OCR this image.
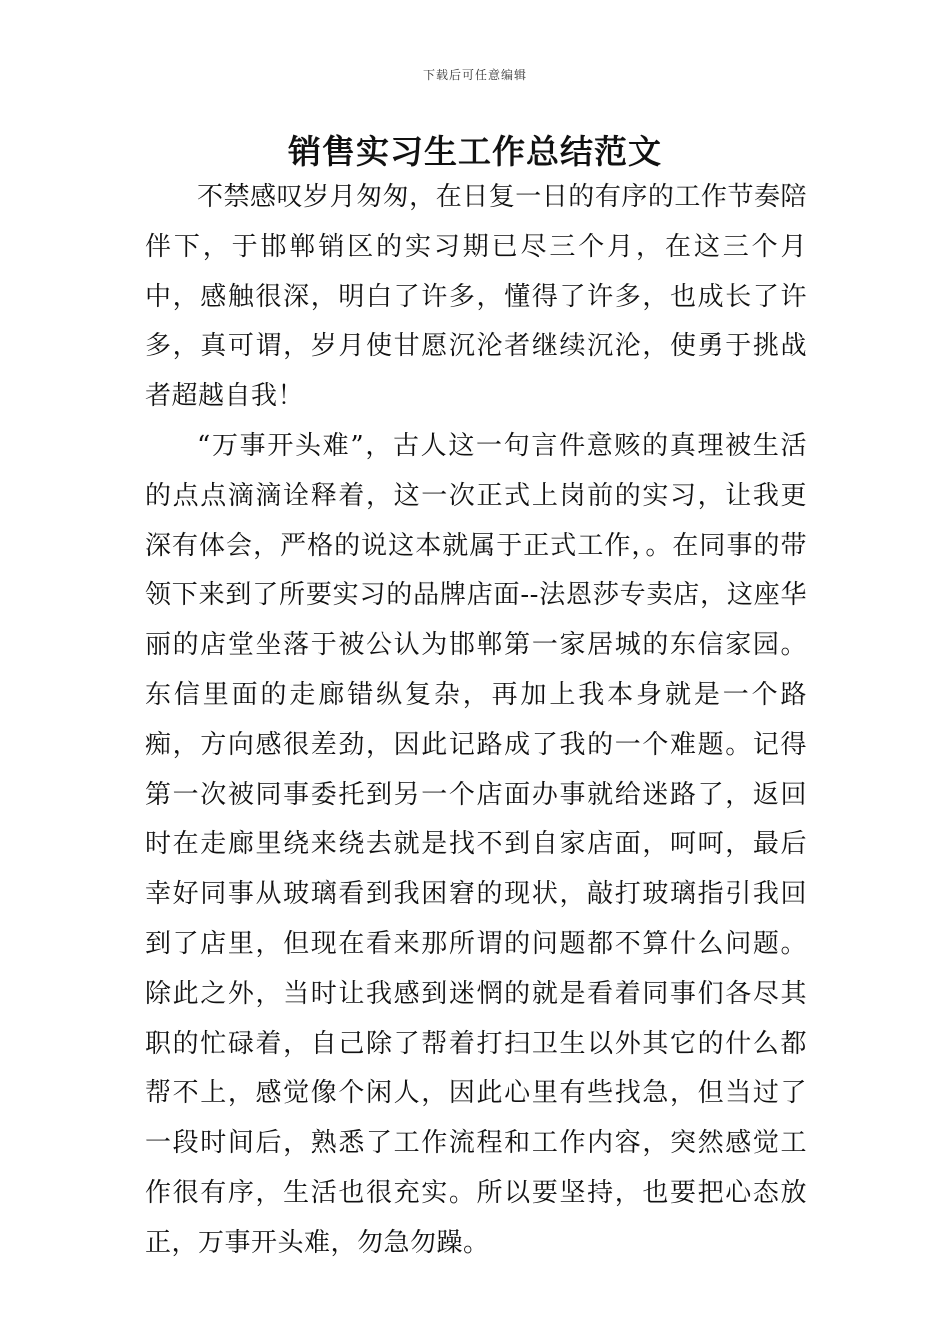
下载后可任意编辑
销售实习生工作总结范文

不禁感叹岁月匆匆，在日复一日的有序的工作节奏陪伴下，于邯郸销区的实习期已尽三个月，在这三个月中，感触很深，明白了许多，懂得了许多，也成长了许多，真可谓，岁月使甘愿沉沦者继续沉沦，使勇于挑战者超越自我！

“万事开头难”，古人这一句言件意赅的真理被生活的点点滴滴诠释着，这一次正式上岗前的实习，让我更深有体会，严格的说这本就属于正式工作，。在同事的带领下来到了所要实习的品牌店面--法恩莎专卖店，这座华丽的店堂坐落于被公认为邯郸第一家居城的东信家园。东信里面的走廊错纵复杂，再加上我本身就是一个路痴，方向感很差劲，因此记路成了我的一个难题。记得第一次被同事委托到另一个店面办事就给迷路了，返回时在走廊里绕来绕去就是找不到自家店面，呵呵，最后幸好同事从玻璃看到我困窘的现状，敲打玻璃指引我回到了店里，但现在看来那所谓的问题都不算什么问题。除此之外，当时让我感到迷惘的就是看着同事们各尽其职的忙碌着，自己除了帮着打扫卫生以外其它的什么都帮不上，感觉像个闲人，因此心里有些找急，但当过了一段时间后，熟悉了工作流程和工作内容，突然感觉工作很有序，生活也很充实。所以要坚持，也要把心态放正，万事开头难，勿急勿躁。
